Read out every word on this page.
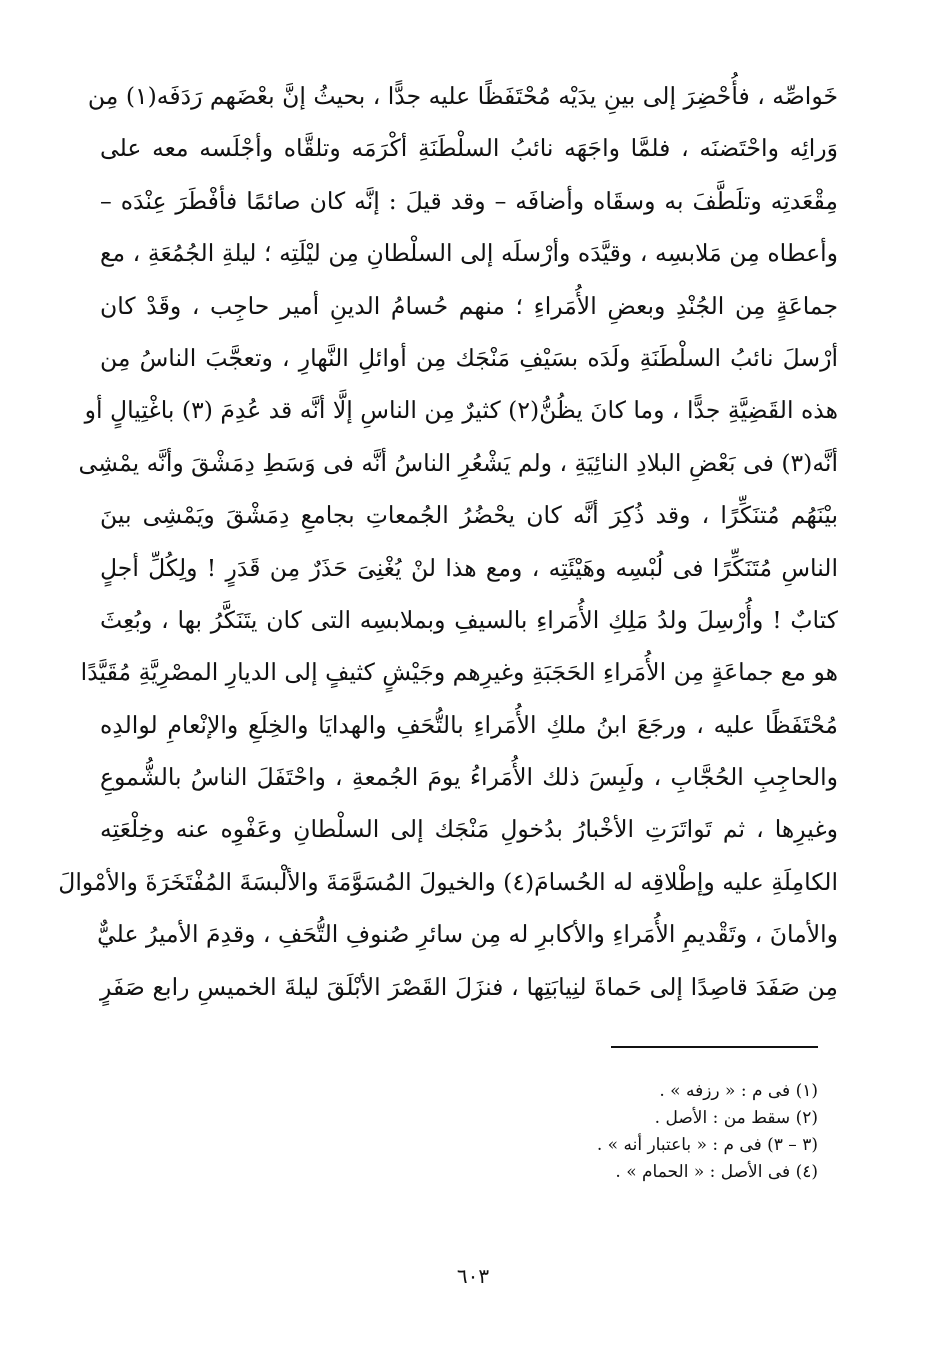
خَواصِّه ، فأُحْضِرَ إلى بينِ يدَيْه مُحْتَفَظًا عليه جدًّا ، بحيثُ إنَّ بعْضَهم رَدَفَه(١) مِن
وَرائِه واحْتَضنَه ، فلمَّا واجَهَه نائبُ السلْطَنَةِ أكْرَمَه وتلقَّاه وأجْلَسه معه على
مِقْعَدتِه وتلَطَّفَ به وسقَاه وأضافَه – وقد قيلَ : إنَّه كان صائمًا فأفْطَرَ عِنْدَه –
وأعطاه مِن مَلابسِه ، وقيَّدَه وأرْسلَه إلى السلْطانِ مِن ليْلَتِه ؛ ليلةِ الجُمُعَةِ ، مع
جماعَةٍ مِن الجُنْدِ وبعضِ الأُمَراءِ ؛ منهم حُسامُ الدينِ أمير حاجِب ، وقَدْ كان
أرْسلَ نائبُ السلْطَنَةِ ولَدَه بسَيْفِ مَنْجَك مِن أوائلِ النَّهارِ ، وتعجَّبَ الناسُ مِن
هذه القَضِيَّةِ جدًّا ، وما كانَ يظُنُّ(٢) كثيرٌ مِن الناسِ إلَّا أنَّه قد عُدِمَ (٣) باغْتِيالٍ أو
أنَّه(٣) فى بَعْضِ البلادِ النائِيَةِ ، ولم يَشْعُرِ الناسُ أنَّه فى وَسَطِ دِمَشْقَ وأنَّه يمْشِى
بيْنَهُم مُتنَكِّرًا ، وقد ذُكِرَ أنَّه كان يحْضُرُ الجُمعاتِ بجامعِ دِمَشْقَ ويَمْشِى بينَ
الناسِ مُتَنَكِّرًا فى لُبْسِه وهَيْئَتِه ، ومع هذا لنْ يُغْنِىَ حَذَرٌ مِن قَدَرٍ ! ولِكُلِّ أجلٍ
كتابٌ ! وأُرْسِلَ ولدُ مَلِكِ الأُمَراءِ بالسيفِ وبملابسِه التى كان يتَنَكَّرُ بها ، وبُعِثَ
هو مع جماعَةٍ مِن الأُمَراءِ الحَجَبَةِ وغيرِهم وجَيْشٍ كثيفٍ إلى الديارِ المصْرِيَّةِ مُقَيَّدًا
مُحْتَفَظًا عليه ، ورجَعَ ابنُ ملكِ الأُمَراءِ بالتُّحَفِ والهدايَا والخِلَعِ والإنْعامِ لوالدِه
والحاجِبِ الحُجَّابِ ، ولَبِسَ ذلك الأُمَراءُ يومَ الجُمعةِ ، واحْتَفَلَ الناسُ بالشُّموعِ
وغيرِها ، ثم تَواتَرَتِ الأخْبارُ بدُخولِ مَنْجَك إلى السلْطانِ وعَفْوِه عنه وخِلْعَتِه
الكامِلَةِ عليه وإطْلاقِه له الحُسامَ(٤) والخيولَ المُسَوَّمَةَ والألْبسَةَ المُفْتَخَرَةَ والأمْوالَ
والأمانَ ، وتَقْديمِ الأُمَراءِ والأكابرِ له مِن سائرِ صُنوفِ التُّحَفِ ، وقدِمَ الأميرُ عليٌّ
مِن صَفَدَ قاصِدًا إلى حَماةَ لنِيابَتِها ، فنزَلَ القَصْرَ الأبْلَقَ ليلةَ الخميسِ رابع صَفَرٍ
(١) فى م : « رزفه » .
(٢) سقط من : الأصل .
(٣ – ٣) فى م : « باعتبار أنه » .
(٤) فى الأصل : « الحمام » .
٦٠٣
